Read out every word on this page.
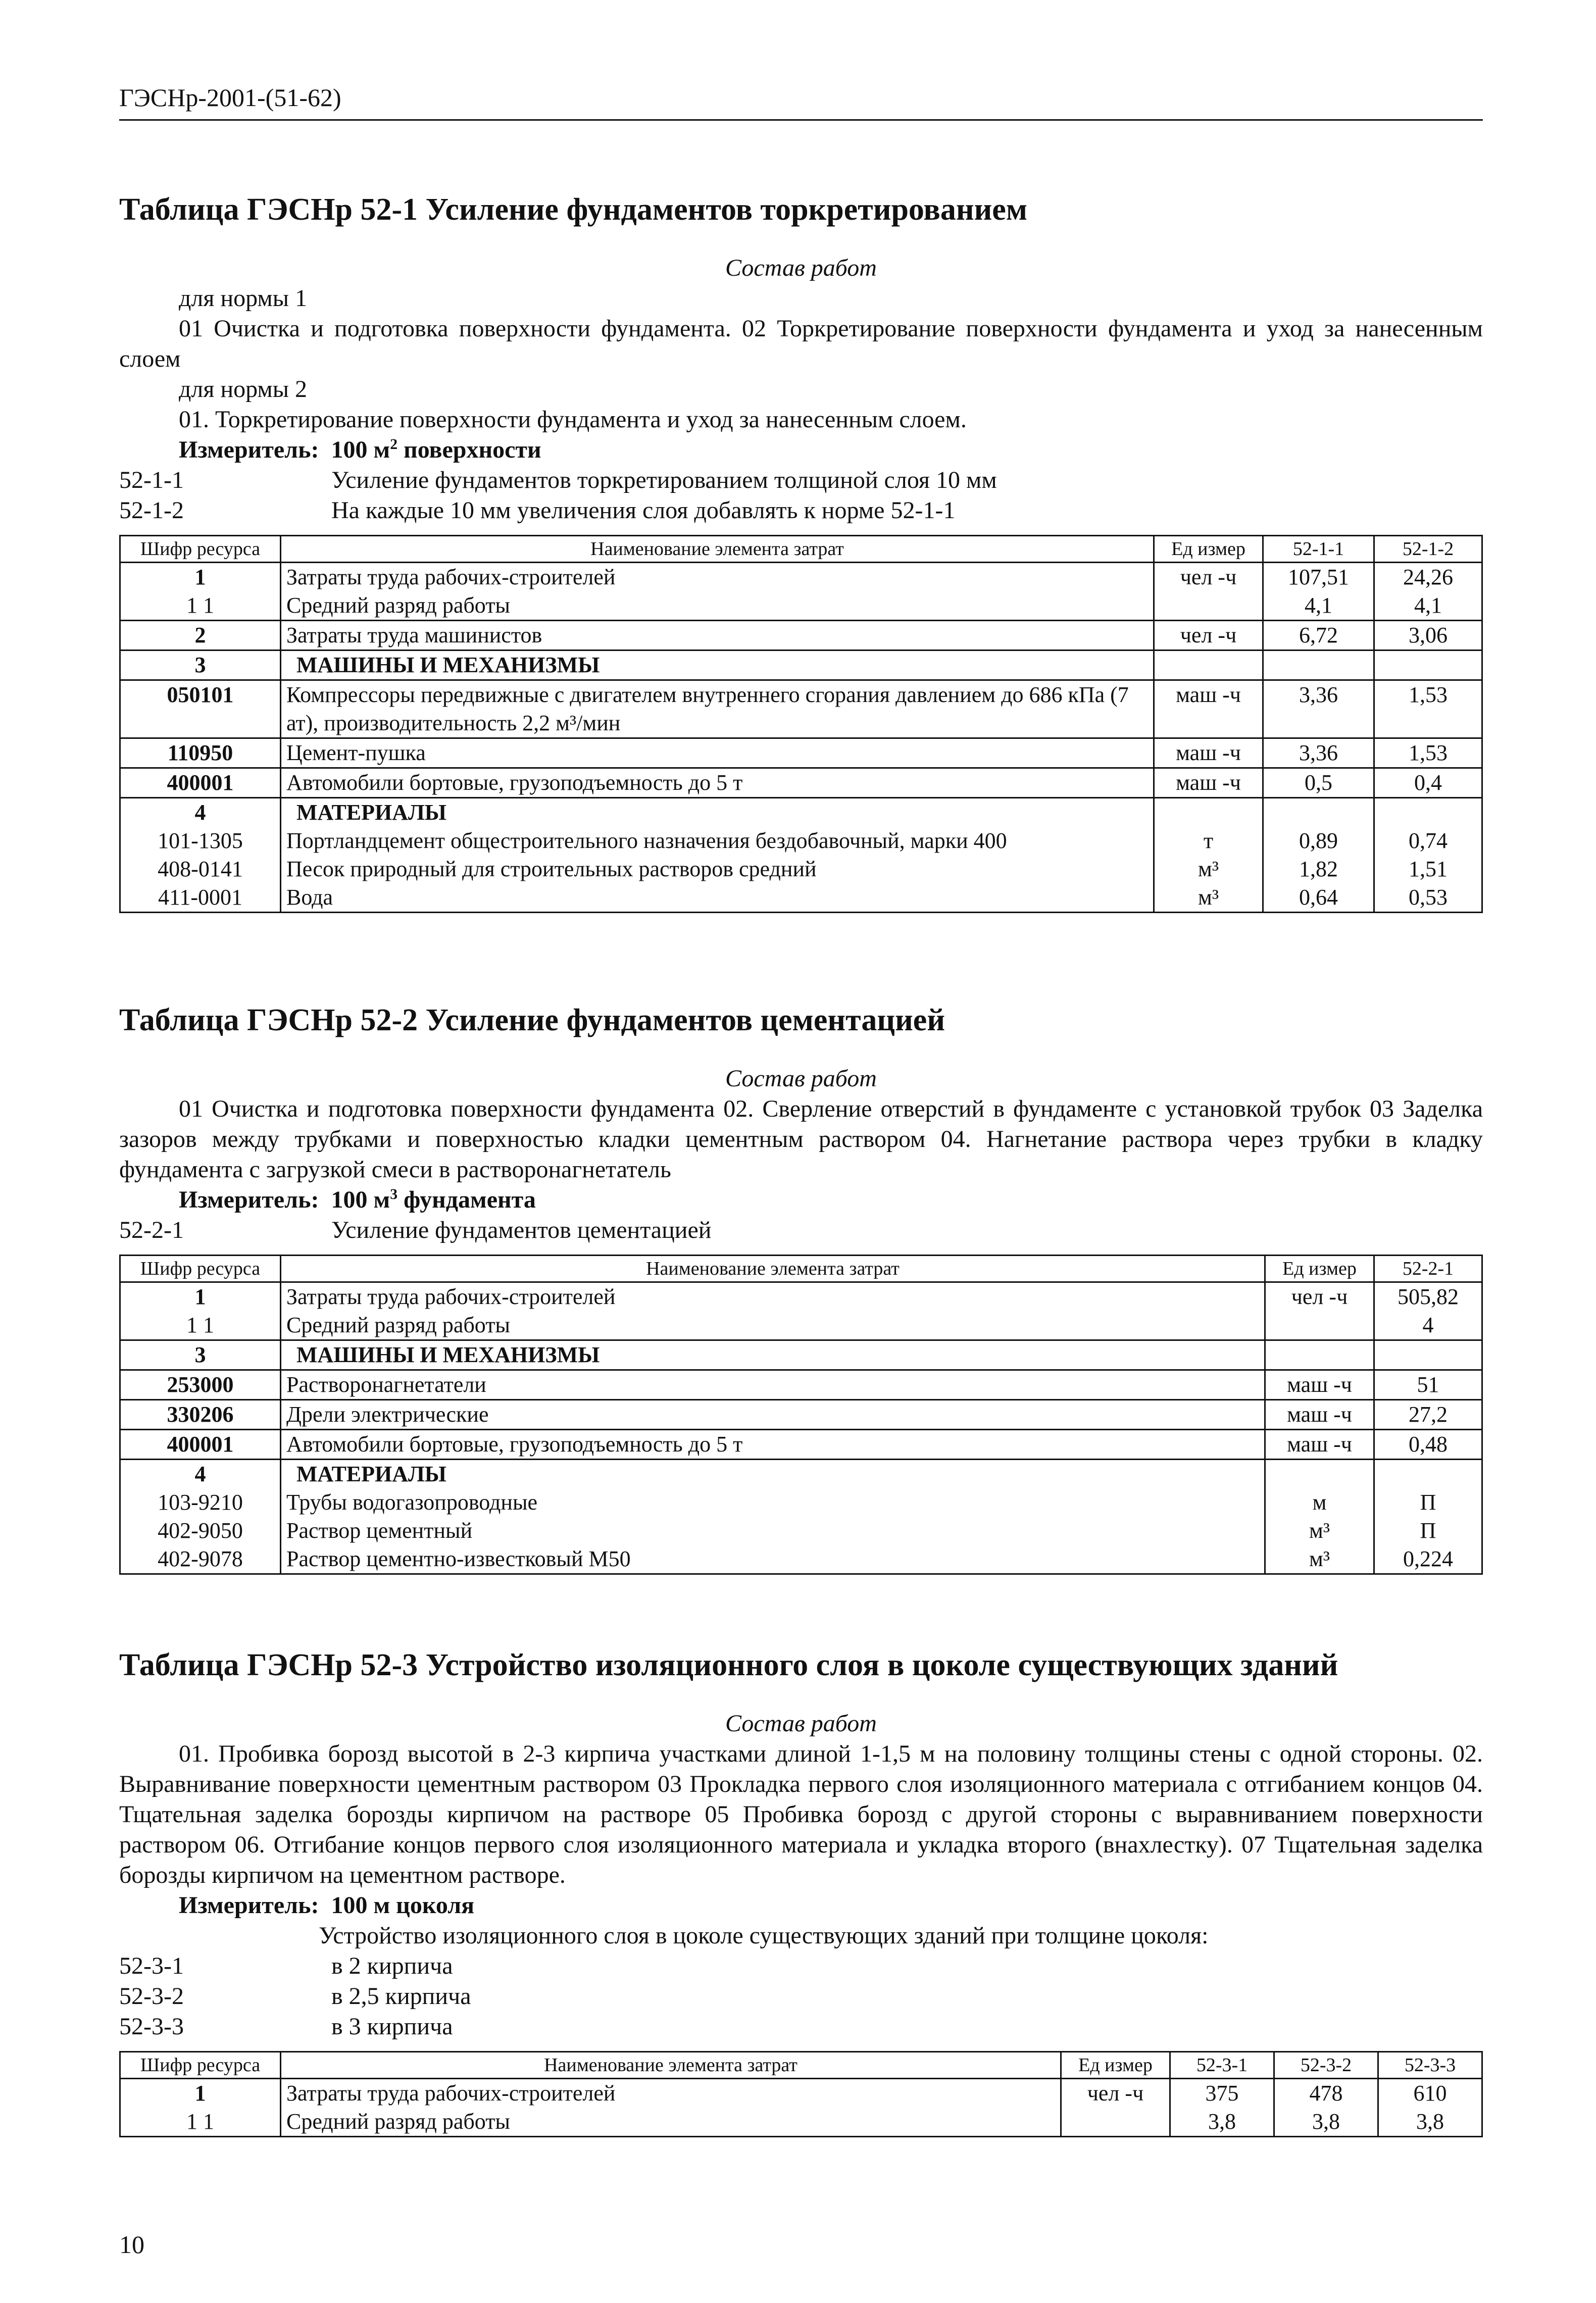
ГЭСНр-2001-(51-62)
Таблица ГЭСНр 52-1 Усиление фундаментов торкретированием
Состав работ

для нормы 1

01 Очистка и подготовка поверхности фундамента. 02 Торкретирование поверхности фундамента и уход за нанесенным слоем

для нормы 2

01. Торкретирование поверхности фундамента и уход за нанесенным слоем.

Измеритель: 100 $м^2$ поверхности
52-1-1	Усиление фундаментов торкретированием толщиной слоя 10 мм
52-1-2	На каждые 10 мм увеличения слоя добавлять к норме 52-1-1
Шифр ресурса	Наименование элемента затрат	Ед измер	52-1-1	52-1-2
1	Затраты труда рабочих-строителей	чел -ч	107,51	24,26
1 1	Средний разряд работы		4,1	4,1
2	Затраты труда машинистов	чел -ч	6,72	3,06
3	МАШИНЫ И МЕХАНИЗМЫ			
050101	Компрессоры передвижные с двигателем внутреннего сгорания давлением до 686 кПа (7 ат), производительность 2,2 м³/мин	маш -ч	3,36	1,53
110950	Цемент-пушка	маш -ч	3,36	1,53
400001	Автомобили бортовые, грузоподъемность до 5 т	маш -ч	0,5	0,4
4	МАТЕРИАЛЫ			
101-1305	Портландцемент общестроительного назначения бездобавочный, марки 400	т	0,89	0,74
408-0141	Песок природный для строительных растворов средний	м³	1,82	1,51
411-0001	Вода	м³	0,64	0,53
Таблица ГЭСНр 52-2 Усиление фундаментов цементацией
Состав работ

01 Очистка и подготовка поверхности фундамента 02. Сверление отверстий в фундаменте с установкой трубок 03 Заделка зазоров между трубками и поверхностью кладки цементным раствором 04. Нагнетание раствора через трубки в кладку фундамента с загрузкой смеси в растворонагнетатель

Измеритель: 100 $м^3$ фундамента
52-2-1	Усиление фундаментов цементацией
Шифр ресурса	Наименование элемента затрат	Ед измер	52-2-1
1	Затраты труда рабочих-строителей	чел -ч	505,82
1 1	Средний разряд работы		4
3	МАШИНЫ И МЕХАНИЗМЫ		
253000	Растворонагнетатели	маш -ч	51
330206	Дрели электрические	маш -ч	27,2
400001	Автомобили бортовые, грузоподъемность до 5 т	маш -ч	0,48
4	МАТЕРИАЛЫ		
103-9210	Трубы водогазопроводные	м	П
402-9050	Раствор цементный	м³	П
402-9078	Раствор цементно-известковый М50	м³	0,224
Таблица ГЭСНр 52-3 Устройство изоляционного слоя в цоколе существующих зданий
Состав работ

01. Пробивка борозд высотой в 2-3 кирпича участками длиной 1-1,5 м на половину толщины стены с одной стороны. 02. Выравнивание поверхности цементным раствором 03 Прокладка первого слоя изоляционного материала с отгибанием концов 04. Тщательная заделка борозды кирпичом на растворе 05 Пробивка борозд с другой стороны с выравниванием поверхности раствором 06. Отгибание концов первого слоя изоляционного материала и укладка второго (внахлестку). 07 Тщательная заделка борозды кирпичом на цементном растворе.

Измеритель: 100 м цоколя
Устройство изоляционного слоя в цоколе существующих зданий при толщине цоколя:
52-3-1	в 2 кирпича
52-3-2	в 2,5 кирпича
52-3-3	в 3 кирпича
Шифр ресурса	Наименование элемента затрат	Ед измер	52-3-1	52-3-2	52-3-3
1	Затраты труда рабочих-строителей	чел -ч	375	478	610
1 1	Средний разряд работы		3,8	3,8	3,8
10
